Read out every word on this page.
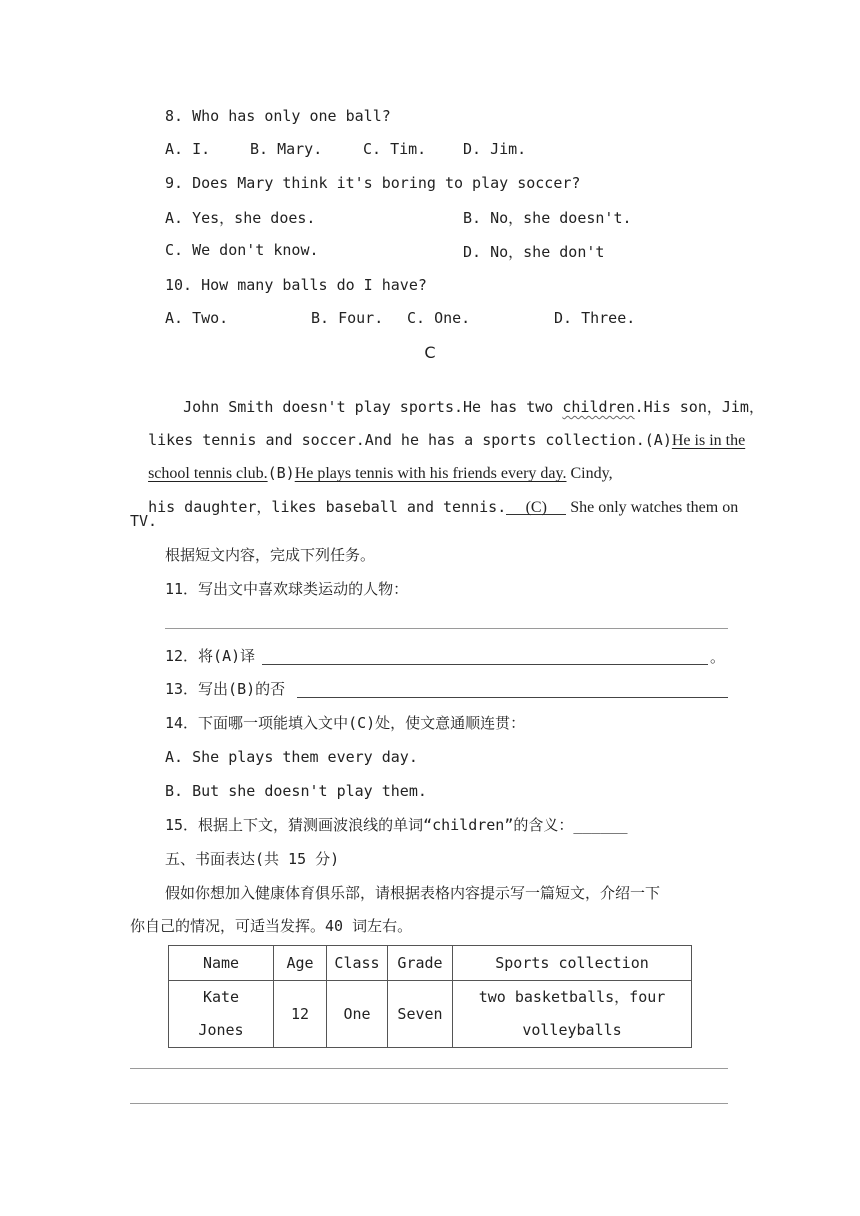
8. Who has only one ball?
A. I.	B. Mary.	C. Tim. D. Jim.
9. Does Mary think it's boring to play soccer?
A. Yes，she does.	B. No，she doesn't.
C. We don't know.	D. No，she don't
10. How many balls do I have?
A. Two.	B. Four. C. One.	D. Three.
C

John Smith doesn't play sports.He has two children.His son，Jim，

likes tennis and soccer.And he has a sports collection.(A)He is in the

school tennis club.(B)He plays tennis with his friends every day. Cindy,

his daughter，likes baseball and tennis. (C) She only watches them on

TV.
根据短文内容，完成下列任务。
11．写出文中喜欢球类运动的人物：
12．将(A)译	。
13．写出(B)的否
14．下面哪一项能填入文中(C)处，使文意通顺连贯：
A. She plays them every day.
B. But she doesn't play them.
15．根据上下文，猜测画波浪线的单词“children”的含义：______
五、书面表达(共 15 分)
假如你想加入健康体育俱乐部，请根据表格内容提示写一篇短文，介绍一下
你自己的情况，可适当发挥。40 词左右。
Name	Age	Class	Grade	Sports collection
Kate
Jones	12	One	Seven	two basketballs，four
volleyballs
